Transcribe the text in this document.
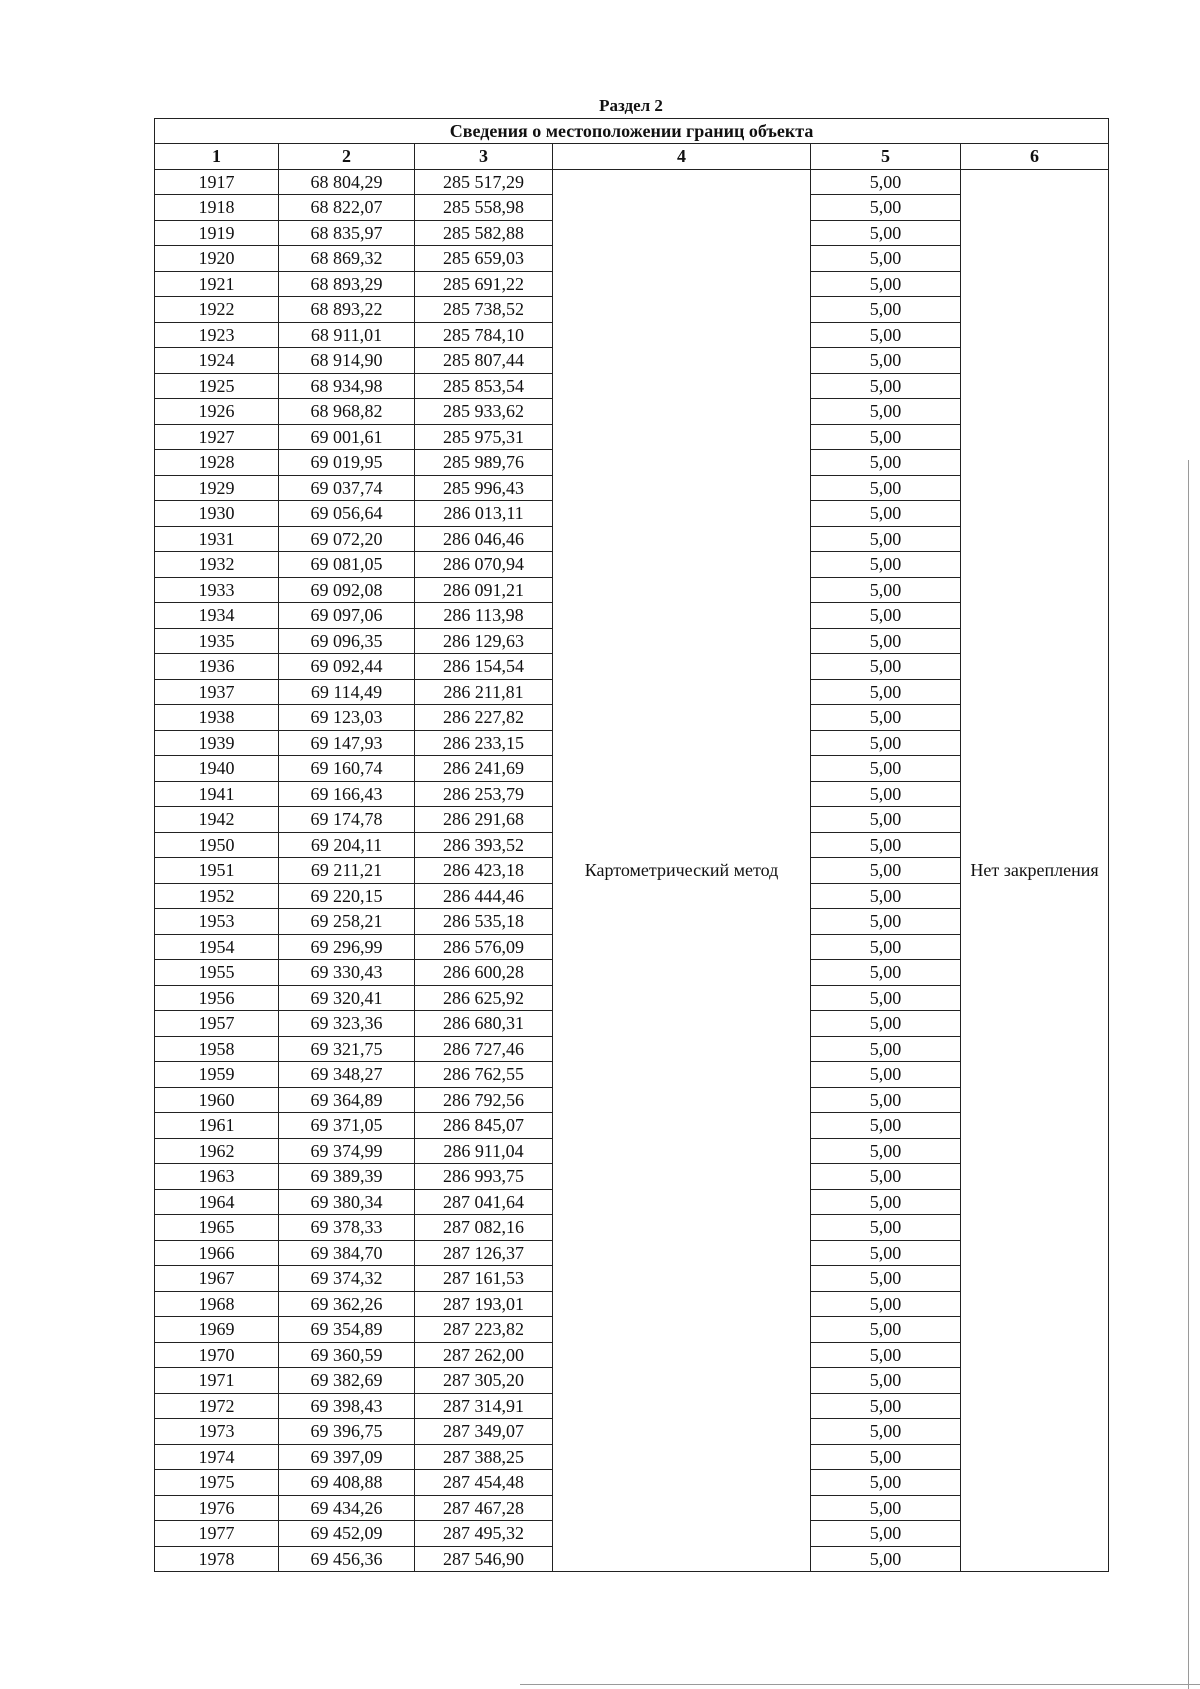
Раздел 2
Сведения о местоположении границ объекта					
1	2	3	4	5	6
1917	68 804,29	285 517,29	Картометрический метод	5,00	Нет закрепления
1918	68 822,07	285 558,98		5,00	
1919	68 835,97	285 582,88		5,00	
1920	68 869,32	285 659,03		5,00	
1921	68 893,29	285 691,22		5,00	
1922	68 893,22	285 738,52		5,00	
1923	68 911,01	285 784,10		5,00	
1924	68 914,90	285 807,44		5,00	
1925	68 934,98	285 853,54		5,00	
1926	68 968,82	285 933,62		5,00	
1927	69 001,61	285 975,31		5,00	
1928	69 019,95	285 989,76		5,00	
1929	69 037,74	285 996,43		5,00	
1930	69 056,64	286 013,11		5,00	
1931	69 072,20	286 046,46		5,00	
1932	69 081,05	286 070,94		5,00	
1933	69 092,08	286 091,21		5,00	
1934	69 097,06	286 113,98		5,00	
1935	69 096,35	286 129,63		5,00	
1936	69 092,44	286 154,54		5,00	
1937	69 114,49	286 211,81		5,00	
1938	69 123,03	286 227,82		5,00	
1939	69 147,93	286 233,15		5,00	
1940	69 160,74	286 241,69		5,00	
1941	69 166,43	286 253,79		5,00	
1942	69 174,78	286 291,68		5,00	
1950	69 204,11	286 393,52		5,00	
1951	69 211,21	286 423,18		5,00	
1952	69 220,15	286 444,46		5,00	
1953	69 258,21	286 535,18		5,00	
1954	69 296,99	286 576,09		5,00	
1955	69 330,43	286 600,28		5,00	
1956	69 320,41	286 625,92		5,00	
1957	69 323,36	286 680,31		5,00	
1958	69 321,75	286 727,46		5,00	
1959	69 348,27	286 762,55		5,00	
1960	69 364,89	286 792,56		5,00	
1961	69 371,05	286 845,07		5,00	
1962	69 374,99	286 911,04		5,00	
1963	69 389,39	286 993,75		5,00	
1964	69 380,34	287 041,64		5,00	
1965	69 378,33	287 082,16		5,00	
1966	69 384,70	287 126,37		5,00	
1967	69 374,32	287 161,53		5,00	
1968	69 362,26	287 193,01		5,00	
1969	69 354,89	287 223,82		5,00	
1970	69 360,59	287 262,00		5,00	
1971	69 382,69	287 305,20		5,00	
1972	69 398,43	287 314,91		5,00	
1973	69 396,75	287 349,07		5,00	
1974	69 397,09	287 388,25		5,00	
1975	69 408,88	287 454,48		5,00	
1976	69 434,26	287 467,28		5,00	
1977	69 452,09	287 495,32		5,00	
1978	69 456,36	287 546,90		5,00	
